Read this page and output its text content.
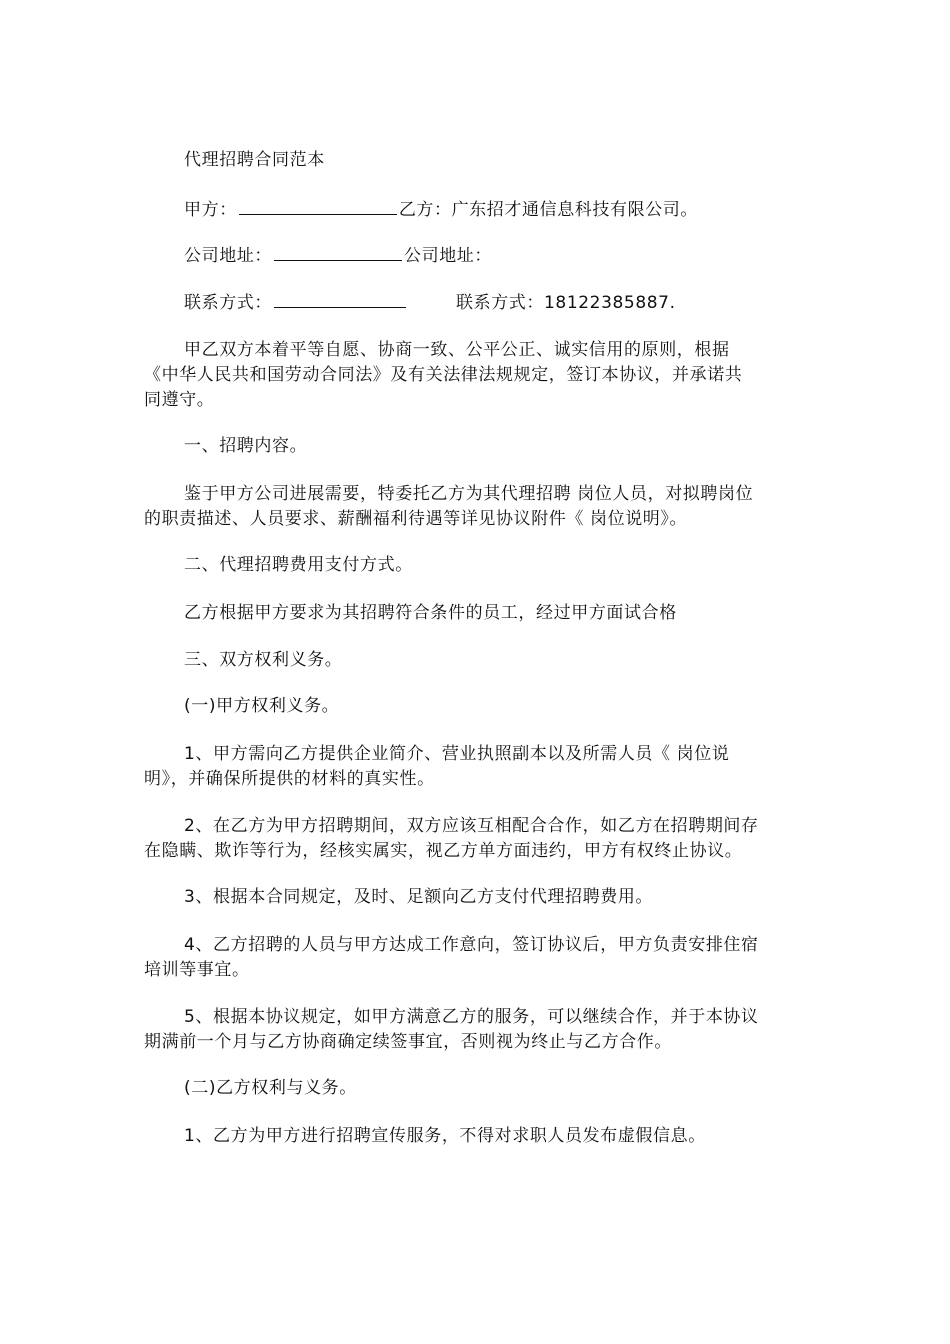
代理招聘合同范本

甲方：	乙方：广东招才通信息科技有限公司。

公司地址：	公司地址：

联系方式：	联系方式：18122385887.

甲乙双方本着平等自愿、协商一致、公平公正、诚实信用的原则，根据
《中华人民共和国劳动合同法》及有关法律法规规定，签订本协议，并承诺共
同遵守。

一、招聘内容。

鉴于甲方公司进展需要，特委托乙方为其代理招聘 岗位人员，对拟聘岗位
的职责描述、人员要求、薪酬福利待遇等详见协议附件《 岗位说明》。

二、代理招聘费用支付方式。

乙方根据甲方要求为其招聘符合条件的员工，经过甲方面试合格

三、双方权利义务。

(一)甲方权利义务。

1、甲方需向乙方提供企业简介、营业执照副本以及所需人员《 岗位说
明》，并确保所提供的材料的真实性。

2、在乙方为甲方招聘期间，双方应该互相配合合作，如乙方在招聘期间存
在隐瞒、欺诈等行为，经核实属实，视乙方单方面违约，甲方有权终止协议。

3、根据本合同规定，及时、足额向乙方支付代理招聘费用。

4、乙方招聘的人员与甲方达成工作意向，签订协议后，甲方负责安排住宿
培训等事宜。

5、根据本协议规定，如甲方满意乙方的服务，可以继续合作，并于本协议
期满前一个月与乙方协商确定续签事宜，否则视为终止与乙方合作。

(二)乙方权利与义务。

1、乙方为甲方进行招聘宣传服务，不得对求职人员发布虚假信息。
